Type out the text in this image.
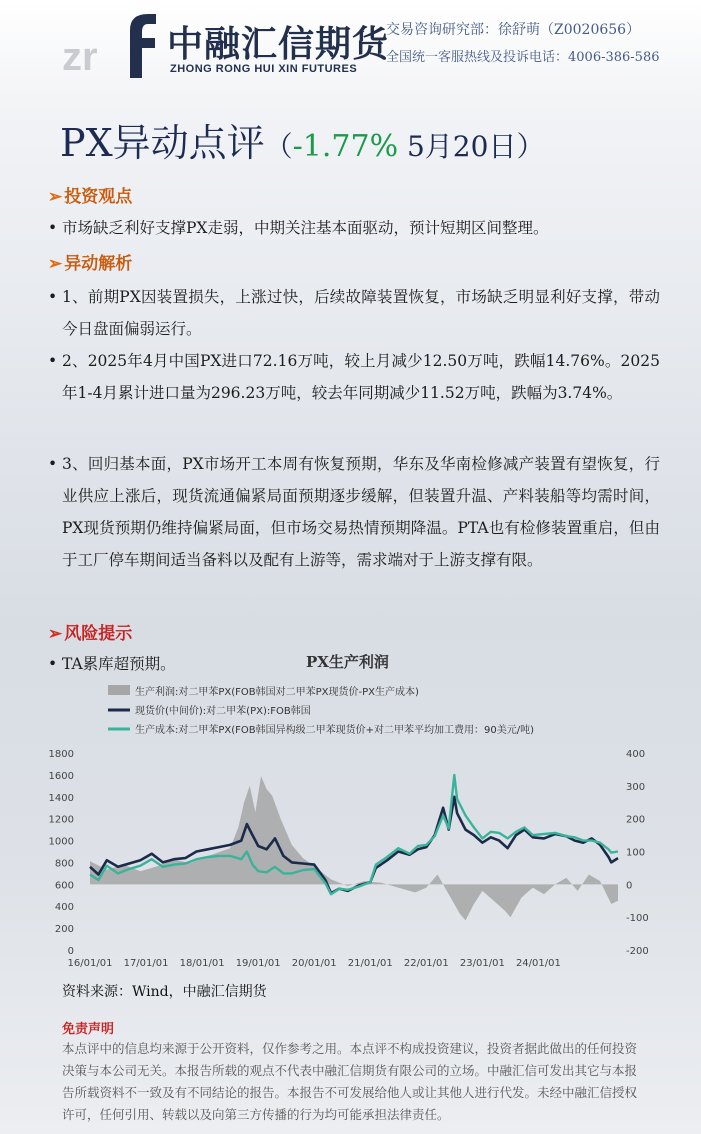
zr 中融汇信期货
ZHONG RONG HUI XIN FUTURES
交易咨询研究部：徐舒萌（Z0020656）
全国统一客服热线及投诉电话：4006-386-586
PX异动点评（-1.77% 5月20日）
➢ 投资观点
• 市场缺乏利好支撑PX走弱，中期关注基本面驱动，预计短期区间整理。
➢ 异动解析
• 1、前期PX因装置损失，上涨过快，后续故障装置恢复，市场缺乏明显利好支撑，带动今日盘面偏弱运行。
• 2、2025年4月中国PX进口72.16万吨，较上月减少12.50万吨，跌幅14.76%。2025年1-4月累计进口量为296.23万吨，较去年同期减少11.52万吨，跌幅为3.74%。
• 3、回归基本面，PX市场开工本周有恢复预期，华东及华南检修减产装置有望恢复，行业供应上涨后，现货流通偏紧局面预期逐步缓解，但装置升温、产料装船等均需时间，PX现货预期仍维持偏紧局面，但市场交易热情预期降温。PTA也有检修装置重启，但由于工厂停车期间适当备料以及配有上游等，需求端对于上游支撑有限。
➢ 风险提示
• TA累库超预期。	PX生产利润
生产利润:对二甲苯PX(FOB韩国对二甲苯PX现货价-PX生产成本)
现货价(中间价):对二甲苯(PX):FOB韩国
生产成本:对二甲苯PX(FOB韩国异构级二甲苯现货价+对二甲苯平均加工费用：90美元/吨)
0
200
400
600
800
1000
1200
1400
1600
1800
-200
-100
0
100
200
300
400
16/01/01 17/01/01 18/01/01 19/01/01 20/01/01 21/01/01 22/01/01 23/01/01 24/01/01
资料来源：Wind，中融汇信期货
免责声明
本点评中的信息均来源于公开资料，仅作参考之用。本点评不构成投资建议，投资者据此做出的任何投资决策与本公司无关。本报告所载的观点不代表中融汇信期货有限公司的立场。中融汇信可发出其它与本报告所载资料不一致及有不同结论的报告。本报告不可发展给他人或让其他人进行代发。未经中融汇信授权许可，任何引用、转载以及向第三方传播的行为均可能承担法律责任。
